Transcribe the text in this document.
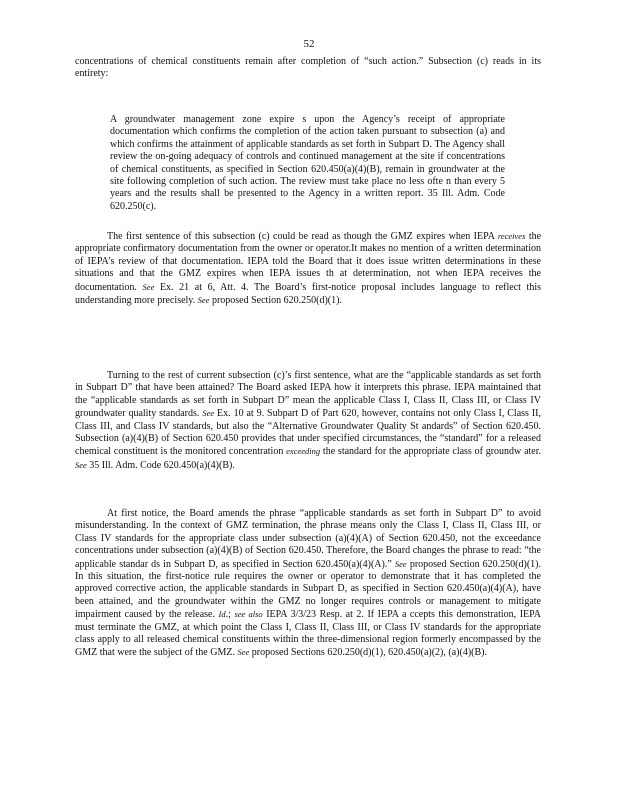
52

concentrations of chemical constituents remain after completion of “such action.” Subsection (c) reads in its entirety:

A groundwater management zone expire s upon the Agency’s receipt of appropriate documentation which confirms the completion of the action taken pursuant to subsection (a) and which confirms the attainment of applicable standards as set forth in Subpart D. The Agency shall review the on-going adequacy of controls and continued management at the site if concentrations of chemical constituents, as specified in Section 620.450(a)(4)(B), remain in groundwater at the site following completion of such action. The review must take place no less ofte n than every 5 years and the results shall be presented to the Agency in a written report. 35 Ill. Adm. Code 620.250(c).

The first sentence of this subsection (c) could be read as though the GMZ expires when IEPA receives the appropriate confirmatory documentation from the owner or operator.It makes no mention of a written determination of IEPA’s review of that documentation. IEPA told the Board that it does issue written determinations in these situations and that the GMZ expires when IEPA issues th at determination, not when IEPA receives the documentation. See Ex. 21 at 6, Att. 4. The Board’s first-notice proposal includes language to reflect this understanding more precisely. See proposed Section 620.250(d)(1).

Turning to the rest of current subsection (c)’s first sentence, what are the “applicable standards as set forth in Subpart D” that have been attained? The Board asked IEPA how it interprets this phrase. IEPA maintained that the “applicable standards as set forth in Subpart D” mean the applicable Class I, Class II, Class III, or Class IV groundwater quality standards. See Ex. 10 at 9. Subpart D of Part 620, however, contains not only Class I, Class II, Class III, and Class IV standards, but also the “Alternative Groundwater Quality St andards” of Section 620.450. Subsection (a)(4)(B) of Section 620.450 provides that under specified circumstances, the “standard” for a released chemical constituent is the monitored concentration exceeding the standard for the appropriate class of groundw ater. See 35 Ill. Adm. Code 620.450(a)(4)(B).

At first notice, the Board amends the phrase “applicable standards as set forth in Subpart D” to avoid misunderstanding. In the context of GMZ termination, the phrase means only the Class I, Class II, Class III, or Class IV standards for the appropriate class under subsection (a)(4)(A) of Section 620.450, not the exceedance concentrations under subsection (a)(4)(B) of Section 620.450. Therefore, the Board changes the phrase to read: “the applicable standar ds in Subpart D, as specified in Section 620.450(a)(4)(A).” See proposed Section 620.250(d)(1). In this situation, the first-notice rule requires the owner or operator to demonstrate that it has completed the approved corrective action, the applicable standards in Subpart D, as specified in Section 620.450(a)(4)(A), have been attained, and the groundwater within the GMZ no longer requires controls or management to mitigate impairment caused by the release. Id.; see also IEPA 3/3/23 Resp. at 2. If IEPA a ccepts this demonstration, IEPA must terminate the GMZ, at which point the Class I, Class II, Class III, or Class IV standards for the appropriate class apply to all released chemical constituents within the three-dimensional region formerly encompassed by the GMZ that were the subject of the GMZ. See proposed Sections 620.250(d)(1), 620.450(a)(2), (a)(4)(B).
